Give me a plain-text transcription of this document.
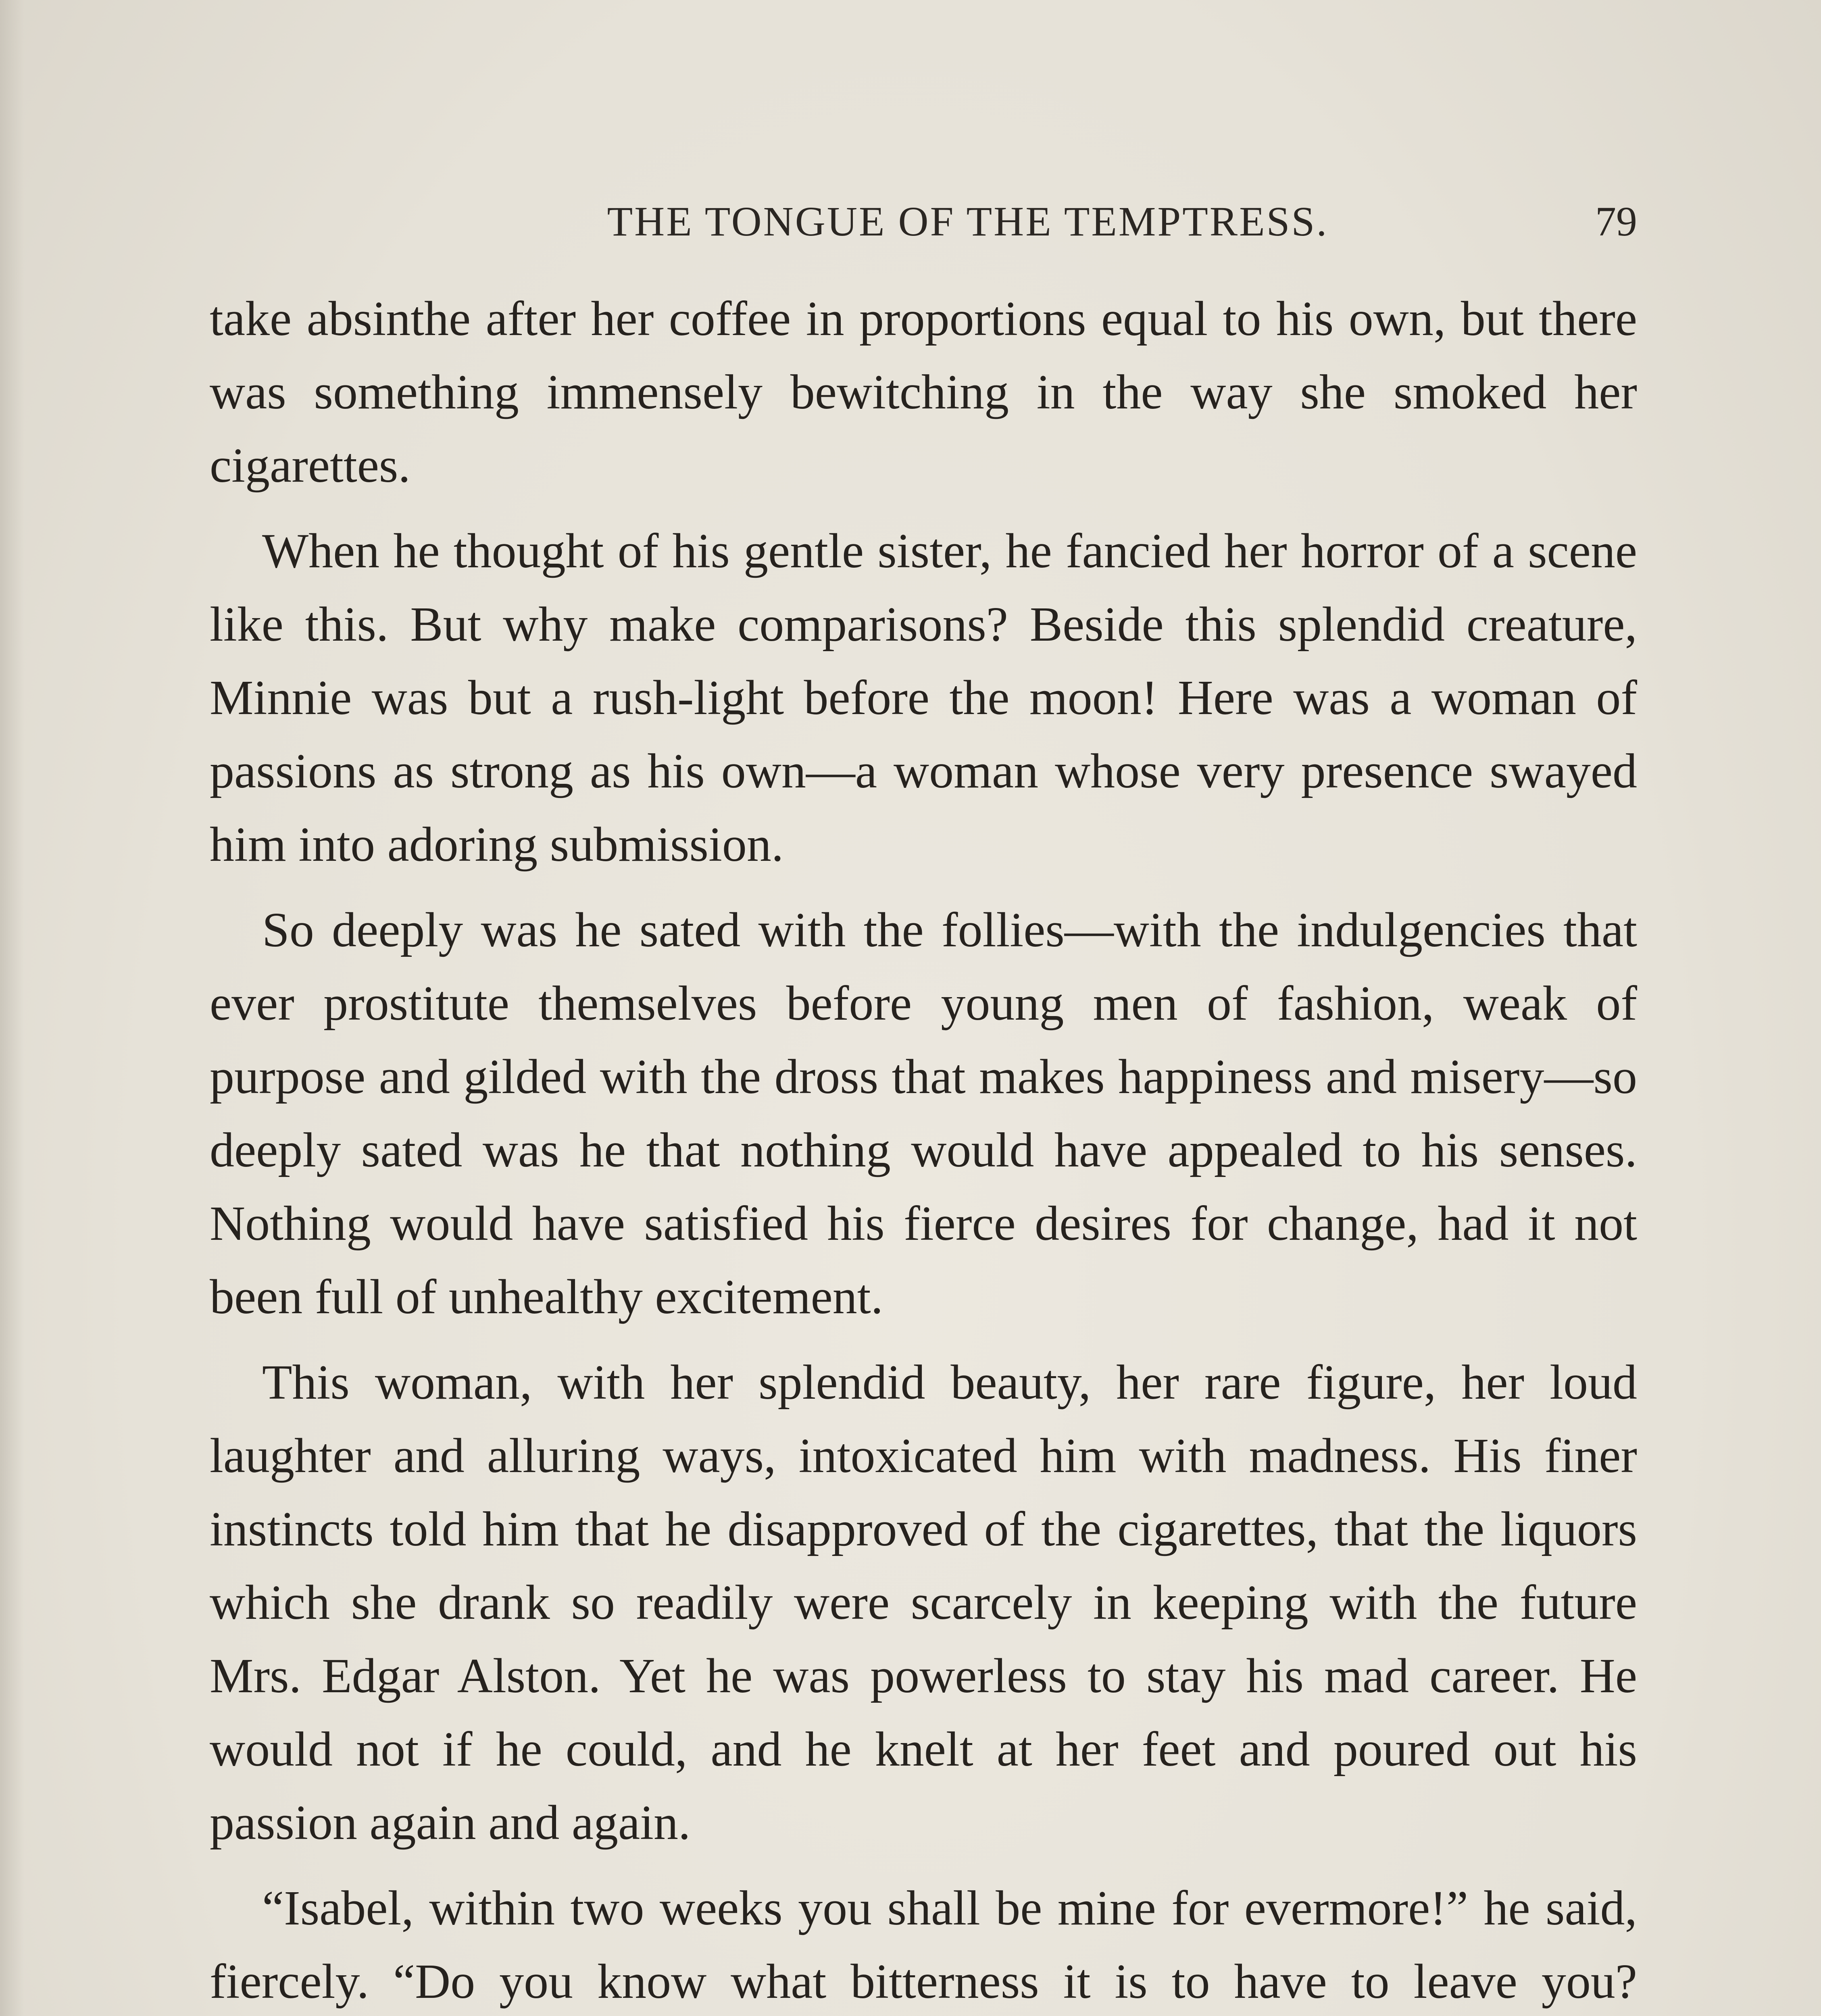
THE TONGUE OF THE TEMPTRESS.	79

take absinthe after her coffee in proportions equal to his own, but there was something immensely bewitching in the way she smoked her cigarettes.

When he thought of his gentle sister, he fancied her horror of a scene like this. But why make comparisons? Beside this splendid creature, Minnie was but a rush-light before the moon! Here was a woman of passions as strong as his own—a woman whose very presence swayed him into adoring submission.

So deeply was he sated with the follies—with the indulgencies that ever prostitute themselves before young men of fashion, weak of purpose and gilded with the dross that makes happiness and misery—so deeply sated was he that nothing would have appealed to his senses. Nothing would have satisfied his fierce desires for change, had it not been full of unhealthy excitement.

This woman, with her splendid beauty, her rare figure, her loud laughter and alluring ways, intoxicated him with madness. His finer instincts told him that he disapproved of the cigarettes, that the liquors which she drank so readily were scarcely in keeping with the future Mrs. Edgar Alston. Yet he was powerless to stay his mad career. He would not if he could, and he knelt at her feet and poured out his passion again and again.

“Isabel, within two weeks you shall be mine for evermore!” he said, fiercely. “Do you know what bitterness it is to have to leave you?
